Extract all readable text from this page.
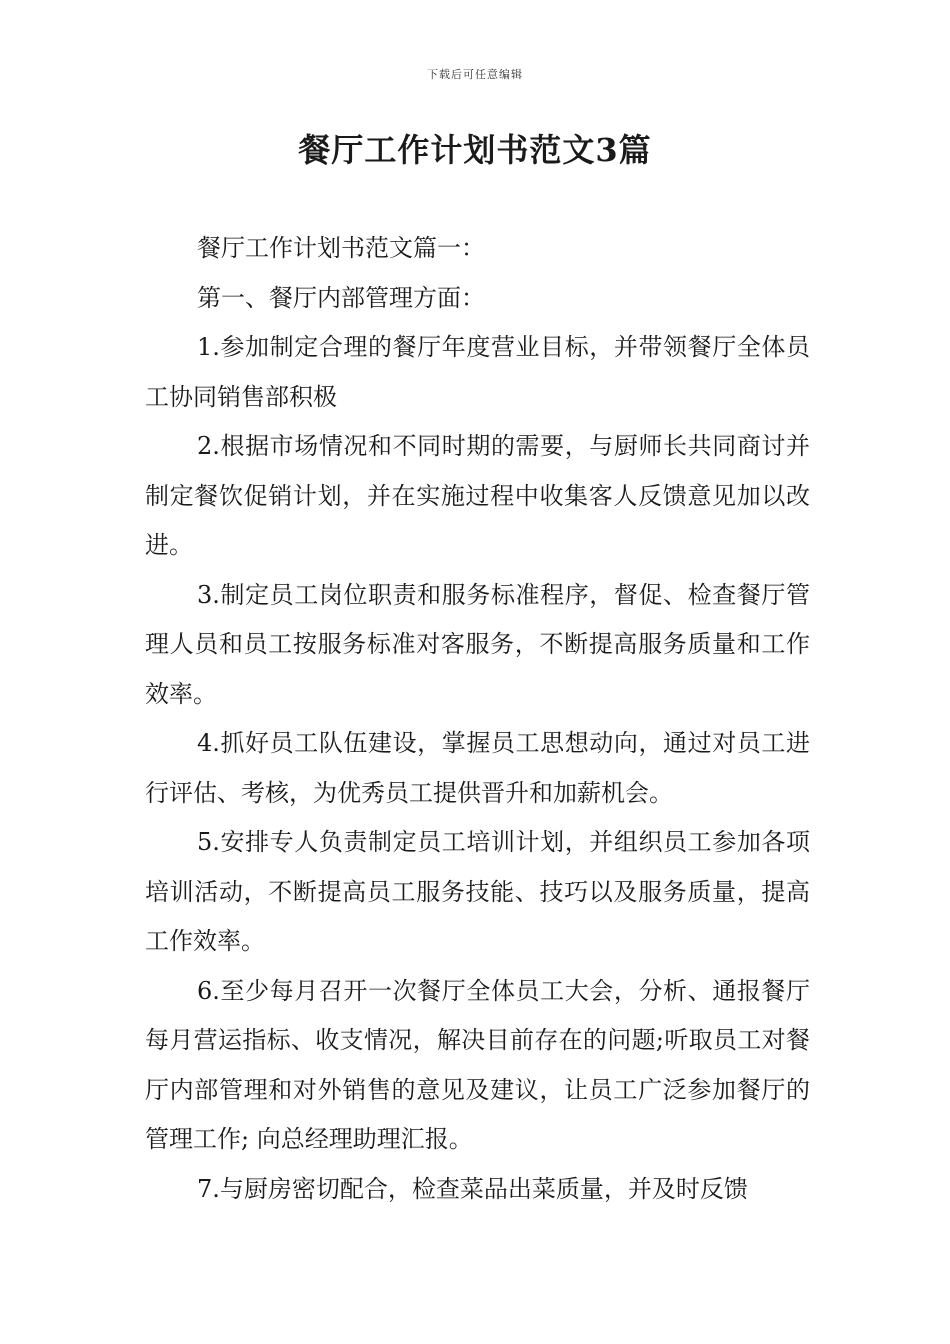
下载后可任意编辑
餐厅工作计划书范文3篇

餐厅工作计划书范文篇一：

第一、餐厅内部管理方面：

1.参加制定合理的餐厅年度营业目标，并带领餐厅全体员工协同销售部积极

2.根据市场情况和不同时期的需要，与厨师长共同商讨并制定餐饮促销计划，并在实施过程中收集客人反馈意见加以改进。

3.制定员工岗位职责和服务标准程序，督促、检查餐厅管理人员和员工按服务标准对客服务，不断提高服务质量和工作效率。

4.抓好员工队伍建设，掌握员工思想动向，通过对员工进行评估、考核，为优秀员工提供晋升和加薪机会。

5.安排专人负责制定员工培训计划，并组织员工参加各项培训活动，不断提高员工服务技能、技巧以及服务质量，提高工作效率。

6.至少每月召开一次餐厅全体员工大会，分析、通报餐厅每月营运指标、收支情况，解决目前存在的问题;听取员工对餐厅内部管理和对外销售的意见及建议，让员工广泛参加餐厅的管理工作; 向总经理助理汇报。

7.与厨房密切配合，检查菜品出菜质量，并及时反馈
